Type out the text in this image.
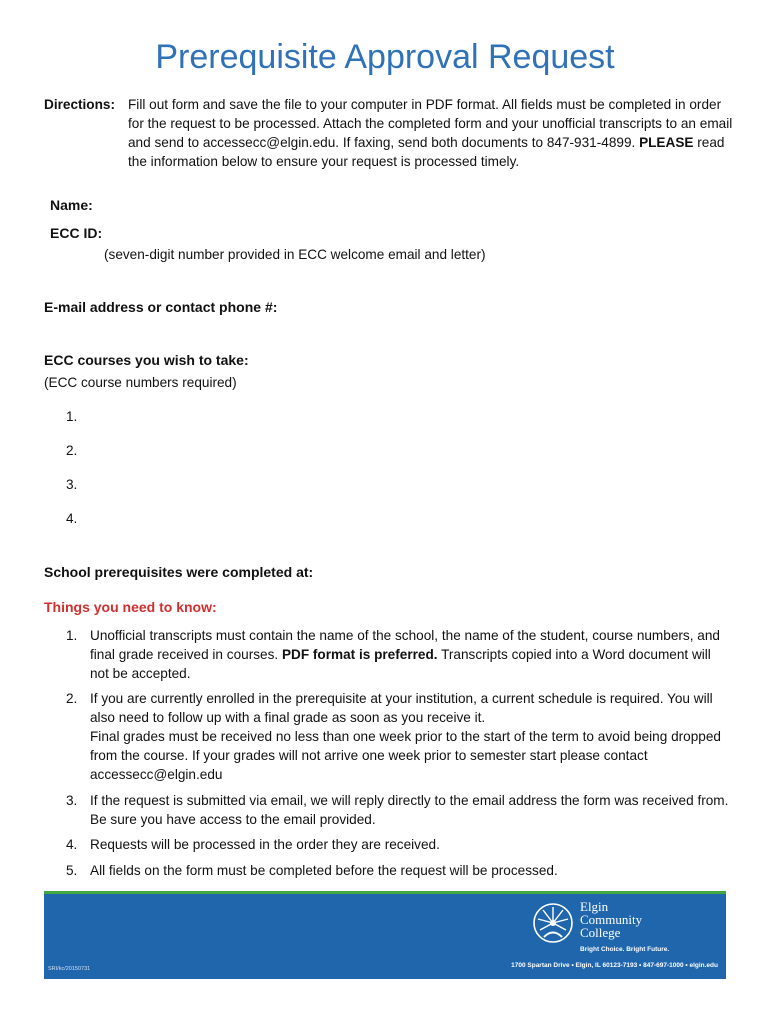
Prerequisite Approval Request
Directions: Fill out form and save the file to your computer in PDF format. All fields must be completed in order for the request to be processed. Attach the completed form and your unofficial transcripts to an email and send to accessecc@elgin.edu. If faxing, send both documents to 847-931-4899. PLEASE read the information below to ensure your request is processed timely.
Name:
ECC ID:
(seven-digit number provided in ECC welcome email and letter)
E-mail address or contact phone #:
ECC courses you wish to take:
(ECC course numbers required)
1.
2.
3.
4.
School prerequisites were completed at:
Things you need to know:
1. Unofficial transcripts must contain the name of the school, the name of the student, course numbers, and final grade received in courses. PDF format is preferred. Transcripts copied into a Word document will not be accepted.
2. If you are currently enrolled in the prerequisite at your institution, a current schedule is required. You will also need to follow up with a final grade as soon as you receive it.
Final grades must be received no less than one week prior to the start of the term to avoid being dropped from the course. If your grades will not arrive one week prior to semester start please contact accessecc@elgin.edu
3. If the request is submitted via email, we will reply directly to the email address the form was received from. Be sure you have access to the email provided.
4. Requests will be processed in the order they are received.
5. All fields on the form must be completed before the request will be processed.
Elgin
Community
College
Bright Choice. Bright Future.
1700 Spartan Drive • Elgin, IL 60123-7193 • 847-697-1000 • elgin.edu
SRI/kc/20150731
